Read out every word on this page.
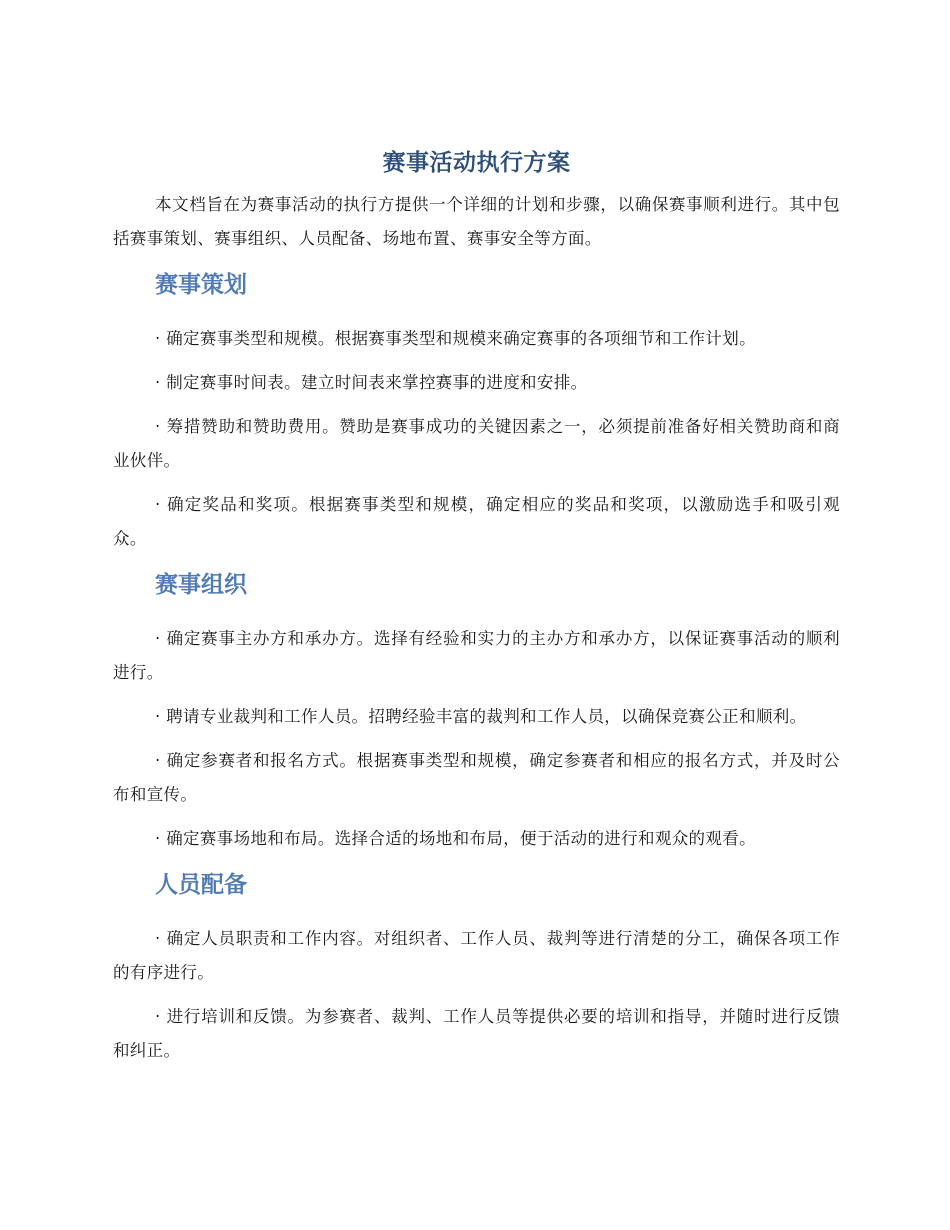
赛事活动执行方案

本文档旨在为赛事活动的执行方提供一个详细的计划和步骤，以确保赛事顺利进行。其中包括赛事策划、赛事组织、人员配备、场地布置、赛事安全等方面。

赛事策划

· 确定赛事类型和规模。根据赛事类型和规模来确定赛事的各项细节和工作计划。

· 制定赛事时间表。建立时间表来掌控赛事的进度和安排。

· 筹措赞助和赞助费用。赞助是赛事成功的关键因素之一，必须提前准备好相关赞助商和商业伙伴。

· 确定奖品和奖项。根据赛事类型和规模，确定相应的奖品和奖项，以激励选手和吸引观众。

赛事组织

· 确定赛事主办方和承办方。选择有经验和实力的主办方和承办方，以保证赛事活动的顺利进行。

· 聘请专业裁判和工作人员。招聘经验丰富的裁判和工作人员，以确保竞赛公正和顺利。

· 确定参赛者和报名方式。根据赛事类型和规模，确定参赛者和相应的报名方式，并及时公布和宣传。

· 确定赛事场地和布局。选择合适的场地和布局，便于活动的进行和观众的观看。

人员配备

· 确定人员职责和工作内容。对组织者、工作人员、裁判等进行清楚的分工，确保各项工作的有序进行。

· 进行培训和反馈。为参赛者、裁判、工作人员等提供必要的培训和指导，并随时进行反馈和纠正。
